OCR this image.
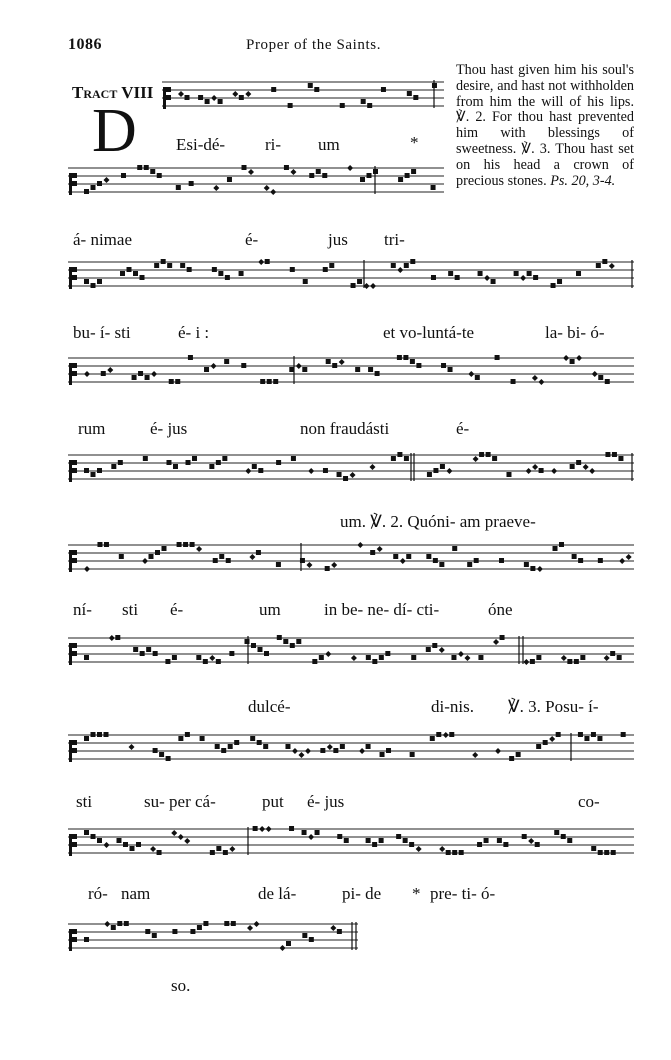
1086	Proper of the Saints.
Tract VIII
D
Thou hast given him his soul's desire, and hast not withholden from him the will of his lips. ℣. 2. For thou hast prevented him with blessings of sweetness. ℣. 3. Thou hast set on his head a crown of precious stones. Ps. 20, 3-4.
Esi-dé- ri- um	*
á- nimae	é-	jus tri-
bu- í- sti	é- i :	et vo-luntá-te	la- bi- ó-
rum	é- jus	non fraudásti	é-
um. ℣. 2. Quóni- am praeve-
ní- sti é-	um	in be- ne- dí- cti-	óne
dulcé-	di-nis. ℣. 3. Posu- í-
sti	su- per cá-	put é- jus	co-
ró- nam	de lá-	pi- de * pre- ti- ó-
so.
